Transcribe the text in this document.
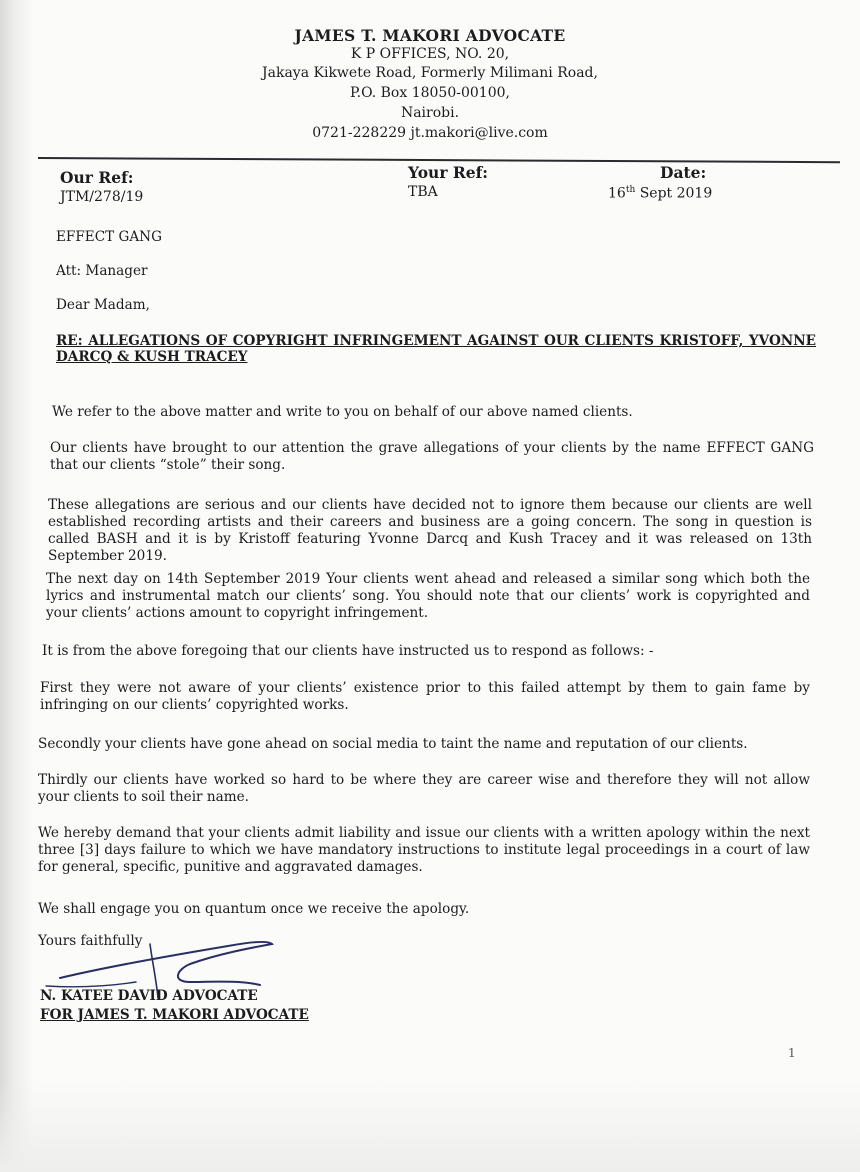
JAMES T. MAKORI ADVOCATE
K P OFFICES, NO. 20,
Jakaya Kikwete Road, Formerly Milimani Road,
P.O. Box 18050-00100,
Nairobi.
0721-228229 jt.makori@live.com
Our Ref:
JTM/278/19
Your Ref:
TBA
Date:
16th Sept 2019
EFFECT GANG
Att: Manager
Dear Madam,
RE: ALLEGATIONS OF COPYRIGHT INFRINGEMENT AGAINST OUR CLIENTS KRISTOFF, YVONNE DARCQ & KUSH TRACEY
We refer to the above matter and write to you on behalf of our above named clients.
Our clients have brought to our attention the grave allegations of your clients by the name EFFECT GANG that our clients “stole” their song.
These allegations are serious and our clients have decided not to ignore them because our clients are well established recording artists and their careers and business are a going concern. The song in question is called BASH and it is by Kristoff featuring Yvonne Darcq and Kush Tracey and it was released on 13th September 2019.
The next day on 14th September 2019 Your clients went ahead and released a similar song which both the lyrics and instrumental match our clients’ song. You should note that our clients’ work is copyrighted and your clients’ actions amount to copyright infringement.
It is from the above foregoing that our clients have instructed us to respond as follows: -
First they were not aware of your clients’ existence prior to this failed attempt by them to gain fame by infringing on our clients’ copyrighted works.
Secondly your clients have gone ahead on social media to taint the name and reputation of our clients.
Thirdly our clients have worked so hard to be where they are career wise and therefore they will not allow your clients to soil their name.
We hereby demand that your clients admit liability and issue our clients with a written apology within the next three [3] days failure to which we have mandatory instructions to institute legal proceedings in a court of law for general, specific, punitive and aggravated damages.
We shall engage you on quantum once we receive the apology.
Yours faithfully
N. KATEE DAVID ADVOCATE
FOR JAMES T. MAKORI ADVOCATE
1
